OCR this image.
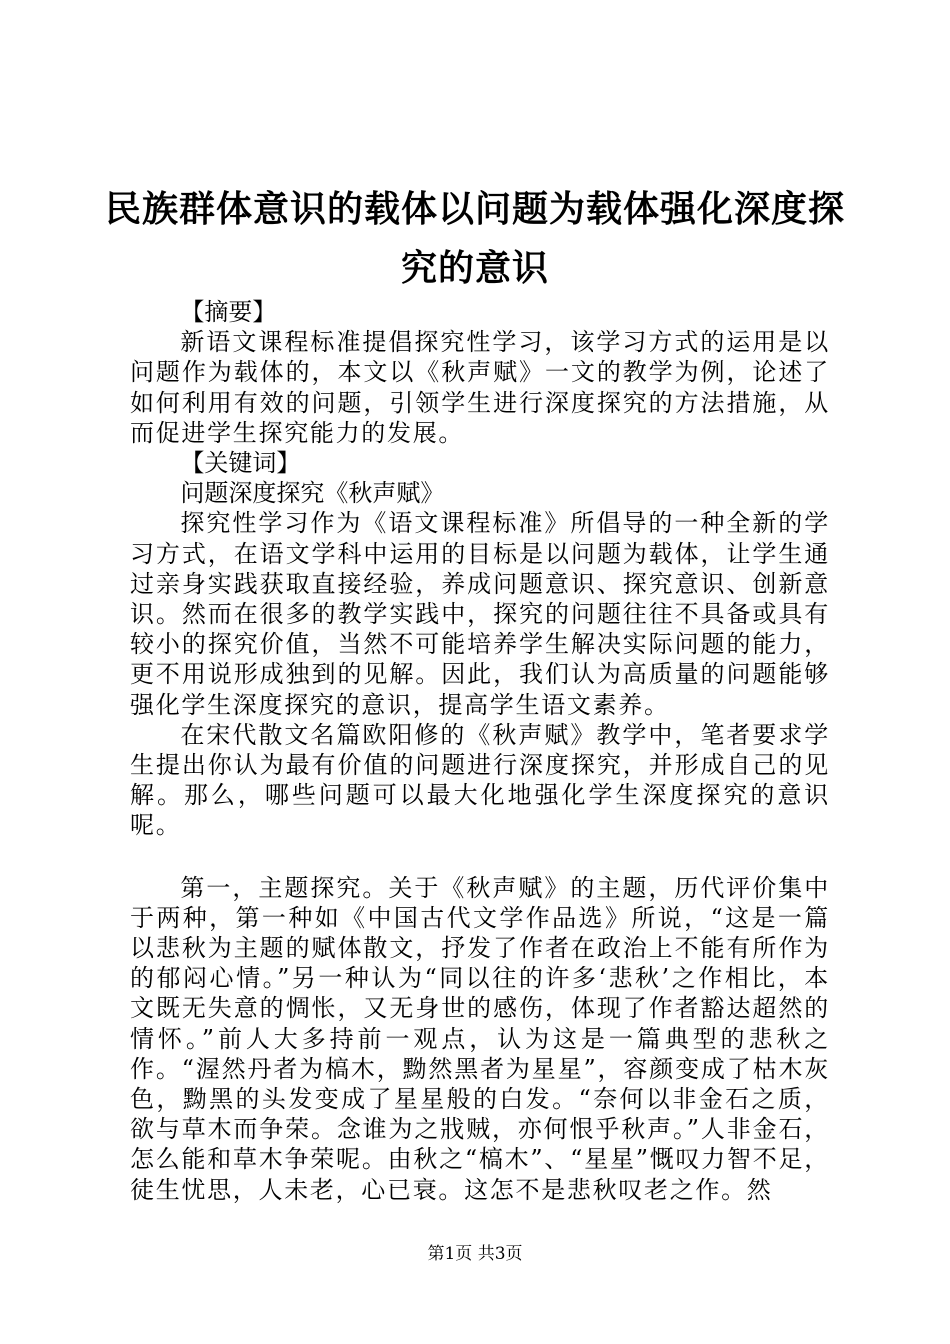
民族群体意识的载体以问题为载体强化深度探
究的意识

【摘要】

新语文课程标准提倡探究性学习，该学习方式的运用是以问题作为载体的，本文以《秋声赋》一文的教学为例，论述了如何利用有效的问题，引领学生进行深度探究的方法措施，从而促进学生探究能力的发展。

【关键词】

问题深度探究《秋声赋》

探究性学习作为《语文课程标准》所倡导的一种全新的学习方式，在语文学科中运用的目标是以问题为载体，让学生通过亲身实践获取直接经验，养成问题意识、探究意识、创新意识。然而在很多的教学实践中，探究的问题往往不具备或具有较小的探究价值，当然不可能培养学生解决实际问题的能力，更不用说形成独到的见解。因此，我们认为高质量的问题能够强化学生深度探究的意识，提高学生语文素养。

在宋代散文名篇欧阳修的《秋声赋》教学中，笔者要求学生提出你认为最有价值的问题进行深度探究，并形成自己的见解。那么，哪些问题可以最大化地强化学生深度探究的意识呢。

第一，主题探究。关于《秋声赋》的主题，历代评价集中于两种，第一种如《中国古代文学作品选》所说，“这是一篇以悲秋为主题的赋体散文，抒发了作者在政治上不能有所作为的郁闷心情。”另一种认为“同以往的许多‘悲秋’之作相比，本文既无失意的惆怅，又无身世的感伤，体现了作者豁达超然的情怀。”前人大多持前一观点，认为这是一篇典型的悲秋之作。“渥然丹者为槁木，黝然黑者为星星”，容颜变成了枯木灰色，黝黑的头发变成了星星般的白发。“奈何以非金石之质，欲与草木而争荣。念谁为之戕贼，亦何恨乎秋声。”人非金石，怎么能和草木争荣呢。由秋之“槁木”、“星星”慨叹力智不足，徒生忧思，人未老，心已衰。这怎不是悲秋叹老之作。然

第1页 共3页
